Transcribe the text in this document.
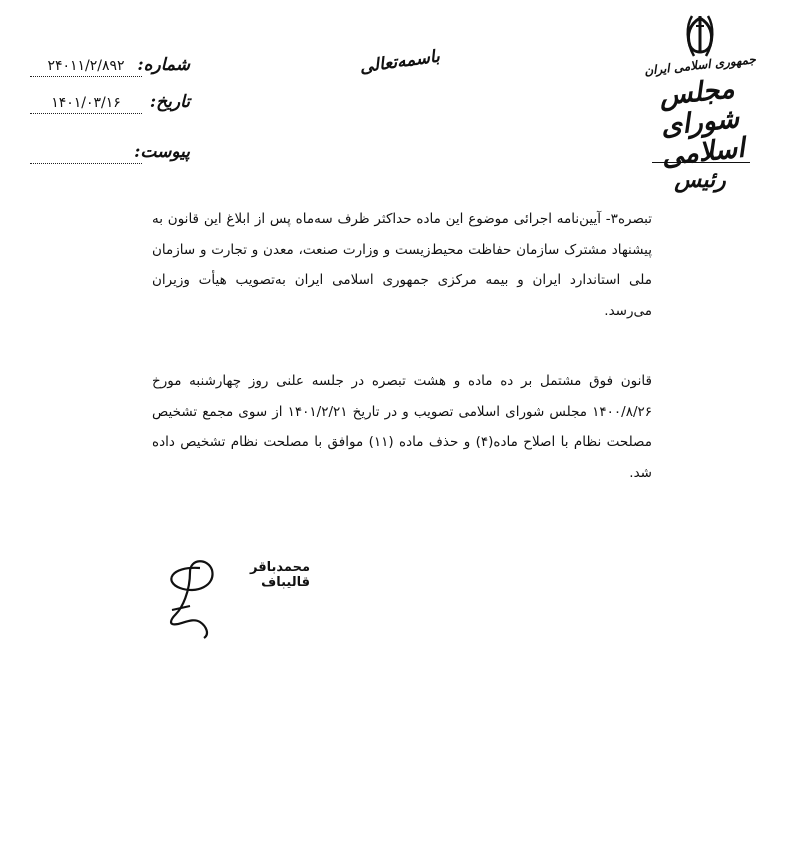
شماره:
۲۴۰۱۱/۲/۸۹۲
تاریخ:
۱۴۰۱/۰۳/۱۶
پیوست:
باسمه‌تعالی	جمهوری اسلامی ایران
مجلس شورای اسلامی
رئیس
تبصره۳- آیین‌نامه اجرائی موضوع این ماده حداکثر ظرف سه‌ماه پس از ابلاغ این قانون به پیشنهاد مشترک سازمان حفاظت محیط‌زیست و وزارت صنعت، معدن و تجارت و سازمان ملی استاندارد ایران و بیمه مرکزی جمهوری اسلامی ایران به‌تصویب هیأت وزیران می‌رسد.
قانون فوق مشتمل بر ده ماده و هشت تبصره در جلسه علنی روز چهارشنبه مورخ ۱۴۰۰/۸/۲۶ مجلس شورای اسلامی تصویب و در تاریخ ۱۴۰۱/۲/۲۱ از سوی مجمع تشخیص مصلحت نظام با اصلاح ماده(۴) و حذف ماده (۱۱) موافق با مصلحت نظام تشخیص داده شد.
محمدباقر قالیباف
